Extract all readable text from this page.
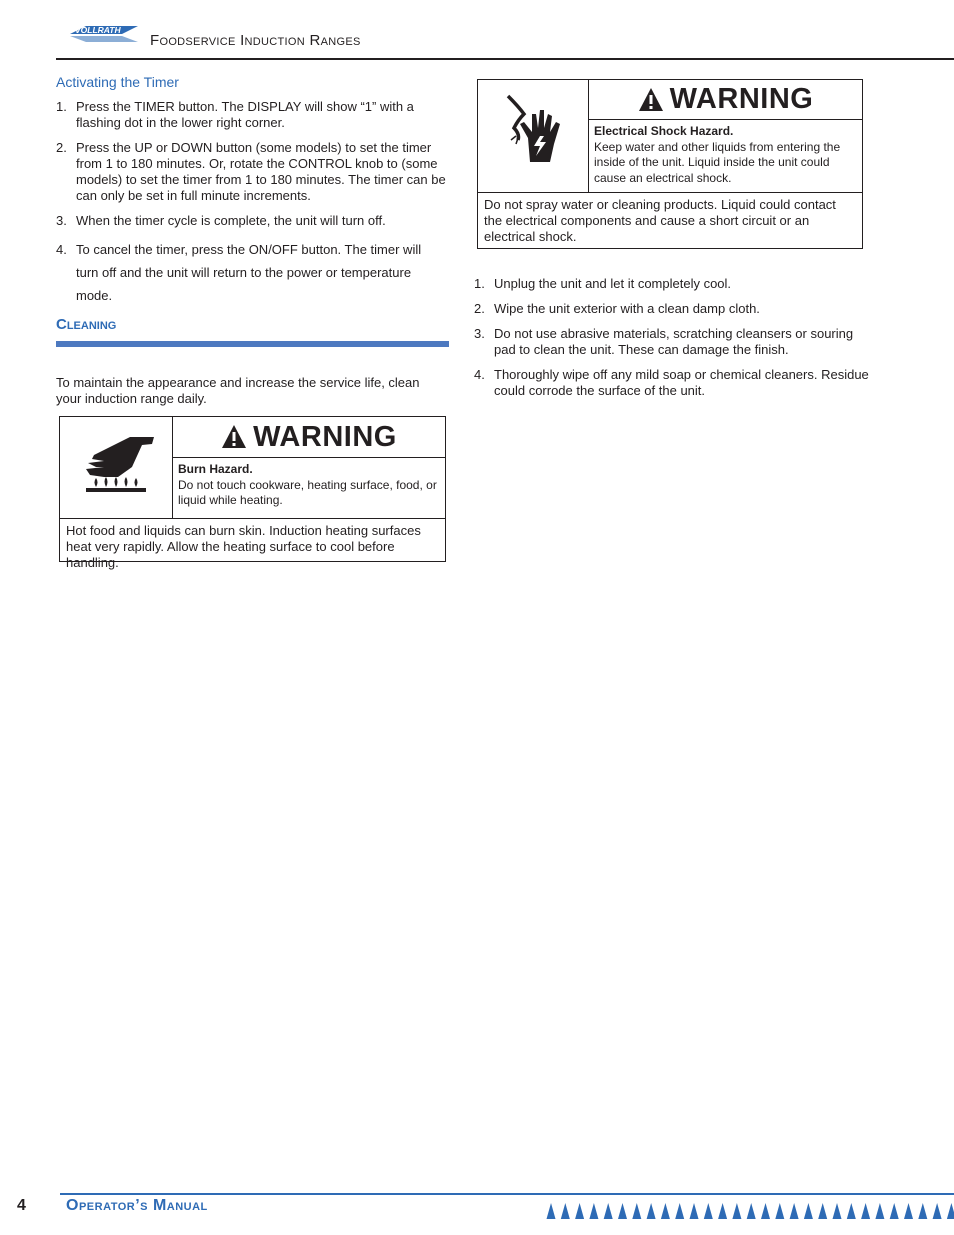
VOLLRATH
Foodservice Induction Ranges
Activating the Timer
1. Press the TIMER button. The DISPLAY will show “1” with a flashing dot in the lower right corner.
2. Press the UP or DOWN button (some models) to set the timer from 1 to 180 minutes. Or, rotate the CONTROL knob to (some models) to set the timer from 1 to 180 minutes. The timer can be can only be set in full minute increments.
3. When the timer cycle is complete, the unit will turn off.
4. To cancel the timer, press the ON/OFF button. The timer will turn off and the unit will return to the power or temperature mode.
Cleaning
To maintain the appearance and increase the service life, clean your induction range daily.
WARNING
Burn Hazard.
Do not touch cookware, heating surface, food, or liquid while heating.
Hot food and liquids can burn skin. Induction heating surfaces heat very rapidly. Allow the heating surface to cool before handling.
WARNING
Electrical Shock Hazard.
Keep water and other liquids from entering the inside of the unit. Liquid inside the unit could cause an electrical shock.
Do not spray water or cleaning products. Liquid could contact the electrical components and cause a short circuit or an electrical shock.
1. Unplug the unit and let it completely cool.
2. Wipe the unit exterior with a clean damp cloth.
3. Do not use abrasive materials, scratching cleansers or souring pad to clean the unit. These can damage the finish.
4. Thoroughly wipe off any mild soap or chemical cleaners. Residue could corrode the surface of the unit.
4	Operator’s Manual
